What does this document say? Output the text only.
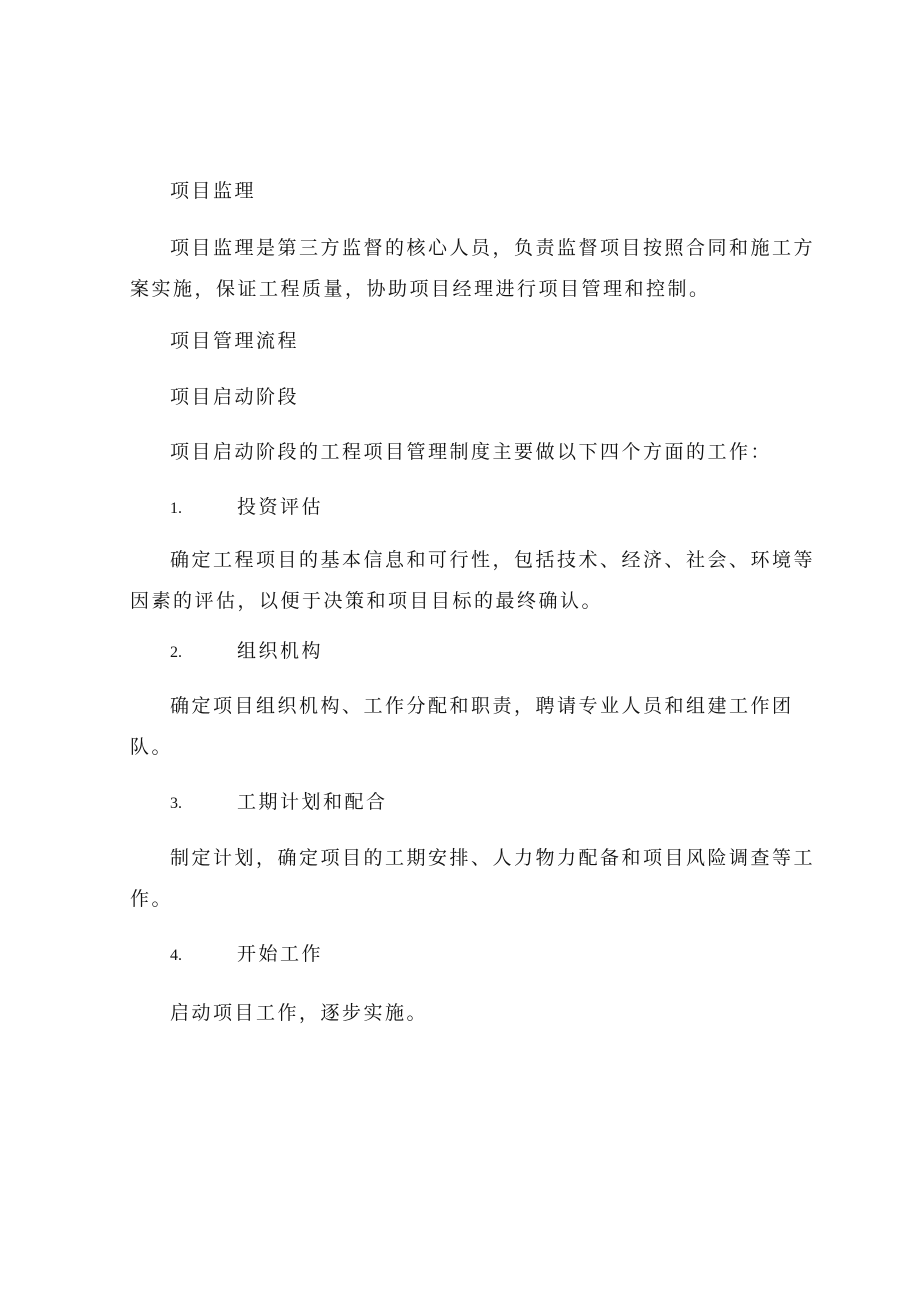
项目监理
项目监理是第三方监督的核心人员，负责监督项目按照合同和施工方
案实施，保证工程质量，协助项目经理进行项目管理和控制。
项目管理流程
项目启动阶段
项目启动阶段的工程项目管理制度主要做以下四个方面的工作：
1.	投资评估
确定工程项目的基本信息和可行性，包括技术、经济、社会、环境等
因素的评估，以便于决策和项目目标的最终确认。
2.	组织机构
确定项目组织机构、工作分配和职责，聘请专业人员和组建工作团
队。
3.	工期计划和配合
制定计划，确定项目的工期安排、人力物力配备和项目风险调查等工
作。
4.	开始工作
启动项目工作，逐步实施。
